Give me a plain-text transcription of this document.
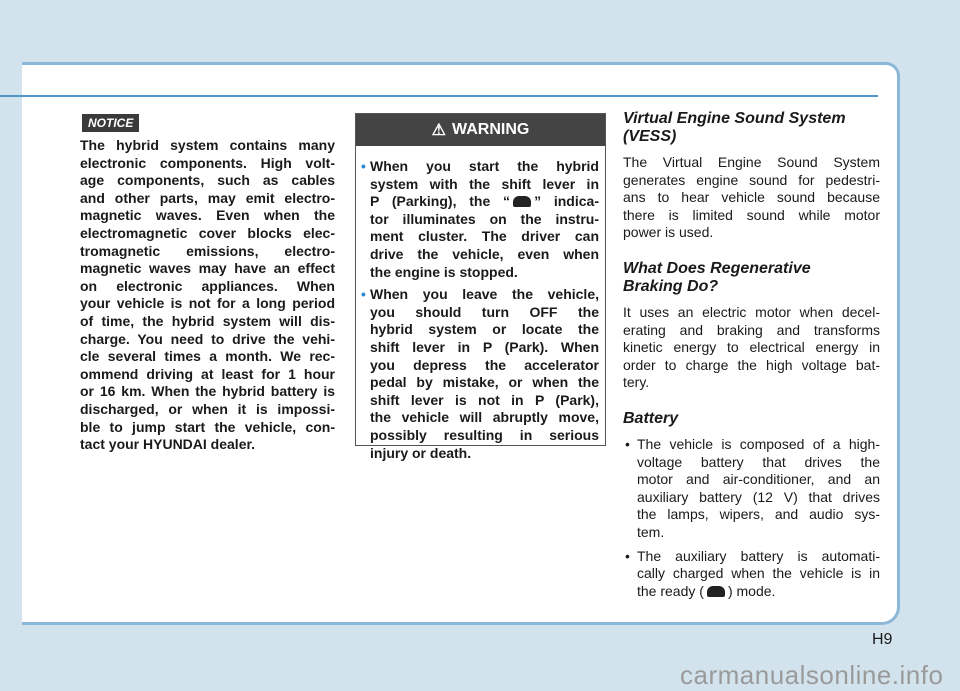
NOTICE
The hybrid system contains many
electronic components. High volt-
age components, such as cables
and other parts, may emit electro-
magnetic waves. Even when the
electromagnetic cover blocks elec-
tromagnetic emissions, electro-
magnetic waves may have an effect
on electronic appliances. When
your vehicle is not for a long period
of time, the hybrid system will dis-
charge. You need to drive the vehi-
cle several times a month. We rec-
ommend driving at least for 1 hour
or 16 km. When the hybrid battery is
discharged, or when it is impossi-
ble to jump start the vehicle, con-
tact your HYUNDAI dealer.
⚠ WARNING
• When you start the hybrid
system with the shift lever in
P (Parking), the “ ” indica-
tor illuminates on the instru-
ment cluster. The driver can
drive the vehicle, even when
the engine is stopped.
• When you leave the vehicle,
you should turn OFF the
hybrid system or locate the
shift lever in P (Park). When
you depress the accelerator
pedal by mistake, or when the
shift lever is not in P (Park),
the vehicle will abruptly move,
possibly resulting in serious
injury or death.
Virtual Engine Sound System
(VESS)
The Virtual Engine Sound System
generates engine sound for pedestri-
ans to hear vehicle sound because
there is limited sound while motor
power is used.
What Does Regenerative
Braking Do?
It uses an electric motor when decel-
erating and braking and transforms
kinetic energy to electrical energy in
order to charge the high voltage bat-
tery.
Battery
• The vehicle is composed of a high-
voltage battery that drives the
motor and air-conditioner, and an
auxiliary battery (12 V) that drives
the lamps, wipers, and audio sys-
tem.
• The auxiliary battery is automati-
cally charged when the vehicle is in
the ready ( ) mode.
H9
carmanualsonline.info
